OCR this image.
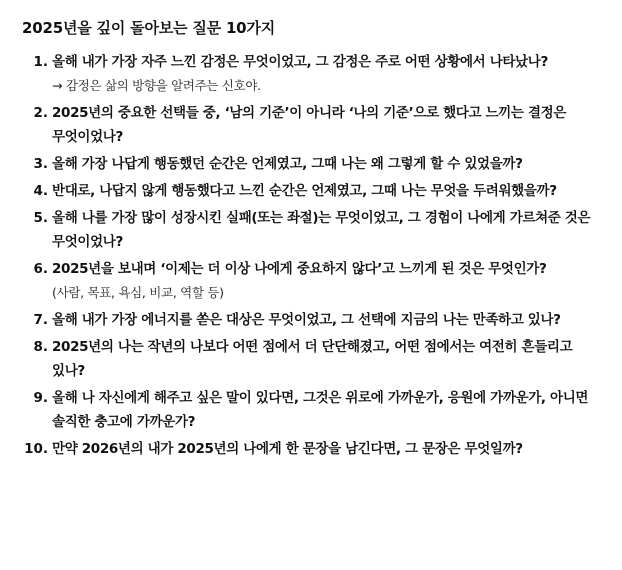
2025년을 깊이 돌아보는 질문 10가지
1. 올해 내가 가장 자주 느낀 감정은 무엇이었고, 그 감정은 주로 어떤 상황에서 나타났나?
→ 감정은 삶의 방향을 알려주는 신호야.
2. 2025년의 중요한 선택들 중, ‘남의 기준’이 아니라 ‘나의 기준’으로 했다고 느끼는 결정은 무엇이었나?
3. 올해 가장 나답게 행동했던 순간은 언제였고, 그때 나는 왜 그렇게 할 수 있었을까?
4. 반대로, 나답지 않게 행동했다고 느낀 순간은 언제였고, 그때 나는 무엇을 두려워했을까?
5. 올해 나를 가장 많이 성장시킨 실패(또는 좌절)는 무엇이었고, 그 경험이 나에게 가르쳐준 것은 무엇이었나?
6. 2025년을 보내며 ‘이제는 더 이상 나에게 중요하지 않다’고 느끼게 된 것은 무엇인가?
(사람, 목표, 욕심, 비교, 역할 등)
7. 올해 내가 가장 에너지를 쏟은 대상은 무엇이었고, 그 선택에 지금의 나는 만족하고 있나?
8. 2025년의 나는 작년의 나보다 어떤 점에서 더 단단해졌고, 어떤 점에서는 여전히 흔들리고 있나?
9. 올해 나 자신에게 해주고 싶은 말이 있다면, 그것은 위로에 가까운가, 응원에 가까운가, 아니면 솔직한 충고에 가까운가?
10. 만약 2026년의 내가 2025년의 나에게 한 문장을 남긴다면, 그 문장은 무엇일까?
